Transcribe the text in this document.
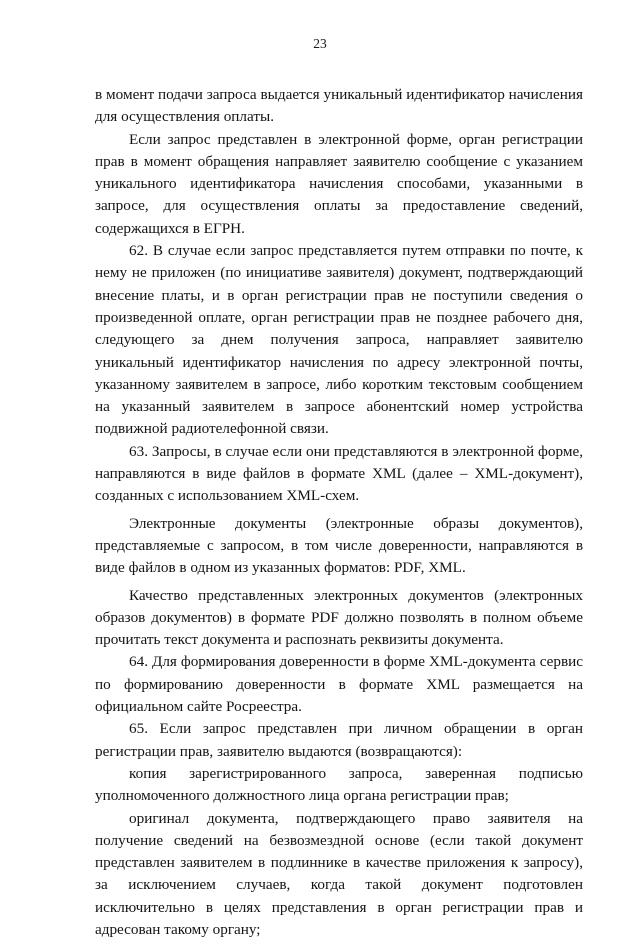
23

в момент подачи запроса выдается уникальный идентификатор начисления для осуществления оплаты.

Если запрос представлен в электронной форме, орган регистрации прав в момент обращения направляет заявителю сообщение с указанием уникального идентификатора начисления способами, указанными в запросе, для осуществления оплаты за предоставление сведений, содержащихся в ЕГРН.

62. В случае если запрос представляется путем отправки по почте, к нему не приложен (по инициативе заявителя) документ, подтверждающий внесение платы, и в орган регистрации прав не поступили сведения о произведенной оплате, орган регистрации прав не позднее рабочего дня, следующего за днем получения запроса, направляет заявителю уникальный идентификатор начисления по адресу электронной почты, указанному заявителем в запросе, либо коротким текстовым сообщением на указанный заявителем в запросе абонентский номер устройства подвижной радиотелефонной связи.

63. Запросы, в случае если они представляются в электронной форме, направляются в виде файлов в формате XML (далее – XML-документ), созданных с использованием XML-схем.

Электронные документы (электронные образы документов), представляемые с запросом, в том числе доверенности, направляются в виде файлов в одном из указанных форматов: PDF, XML.

Качество представленных электронных документов (электронных образов документов) в формате PDF должно позволять в полном объеме прочитать текст документа и распознать реквизиты документа.

64. Для формирования доверенности в форме XML-документа сервис по формированию доверенности в формате XML размещается на официальном сайте Росреестра.

65. Если запрос представлен при личном обращении в орган регистрации прав, заявителю выдаются (возвращаются):

копия зарегистрированного запроса, заверенная подписью уполномоченного должностного лица органа регистрации прав;

оригинал документа, подтверждающего право заявителя на получение сведений на безвозмездной основе (если такой документ представлен заявителем в подлиннике в качестве приложения к запросу), за исключением случаев, когда такой документ подготовлен исключительно в целях представления в орган регистрации прав и адресован такому органу;
